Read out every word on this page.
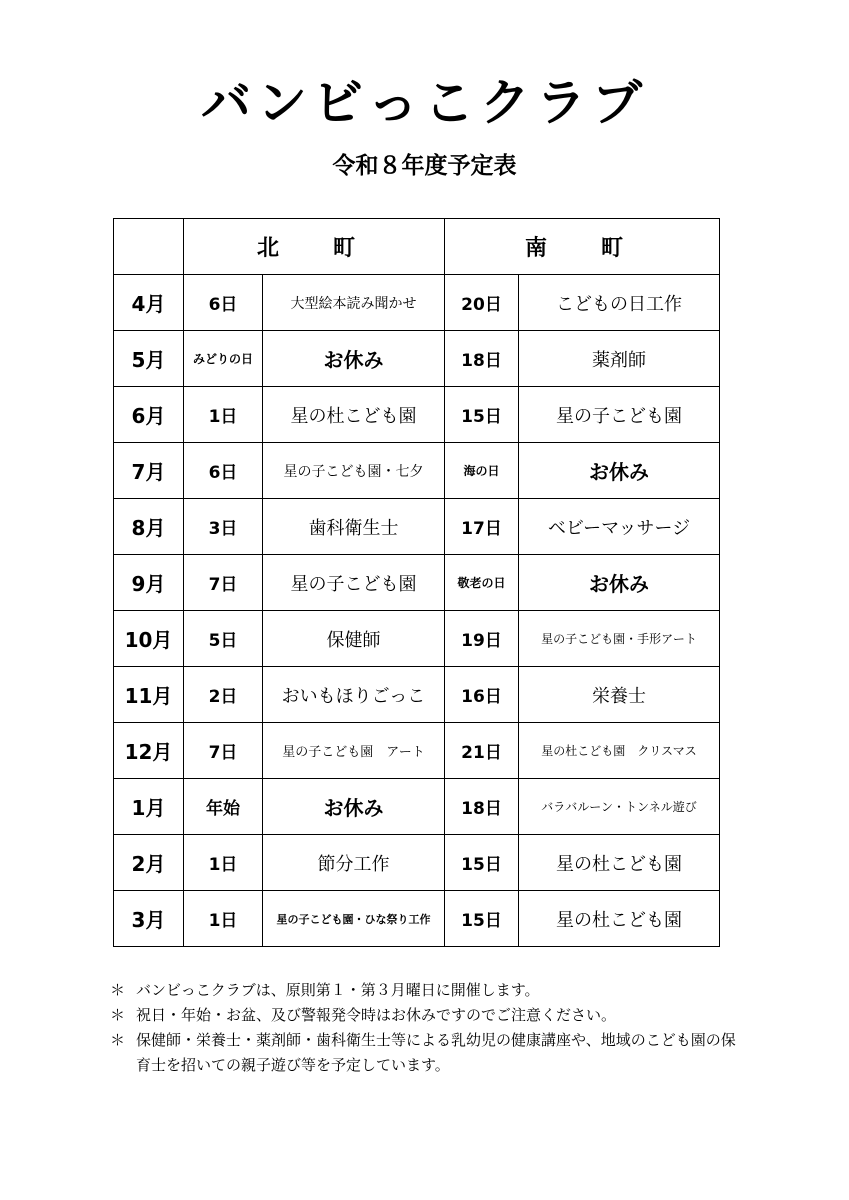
バンビっこクラブ
令和８年度予定表
	北　町		南　町	
4月	6日	大型絵本読み聞かせ	20日	こどもの日工作
5月	みどりの日	お休み	18日	薬剤師
6月	1日	星の杜こども園	15日	星の子こども園
7月	6日	星の子こども園・七夕	海の日	お休み
8月	3日	歯科衛生士	17日	ベビーマッサージ
9月	7日	星の子こども園	敬老の日	お休み
10月	5日	保健師	19日	星の子こども園・手形アート
11月	2日	おいもほりごっこ	16日	栄養士
12月	7日	星の子こども園　アート	21日	星の杜こども園　クリスマス
1月	年始	お休み	18日	バラバルーン・トンネル遊び
2月	1日	節分工作	15日	星の杜こども園
3月	1日	星の子こども園・ひな祭り工作	15日	星の杜こども園
＊ バンビっこクラブは、原則第１・第３月曜日に開催します。
＊ 祝日・年始・お盆、及び警報発令時はお休みですのでご注意ください。
＊ 保健師・栄養士・薬剤師・歯科衛生士等による乳幼児の健康講座や、地域のこども園の保育士を招いての親子遊び等を予定しています。
